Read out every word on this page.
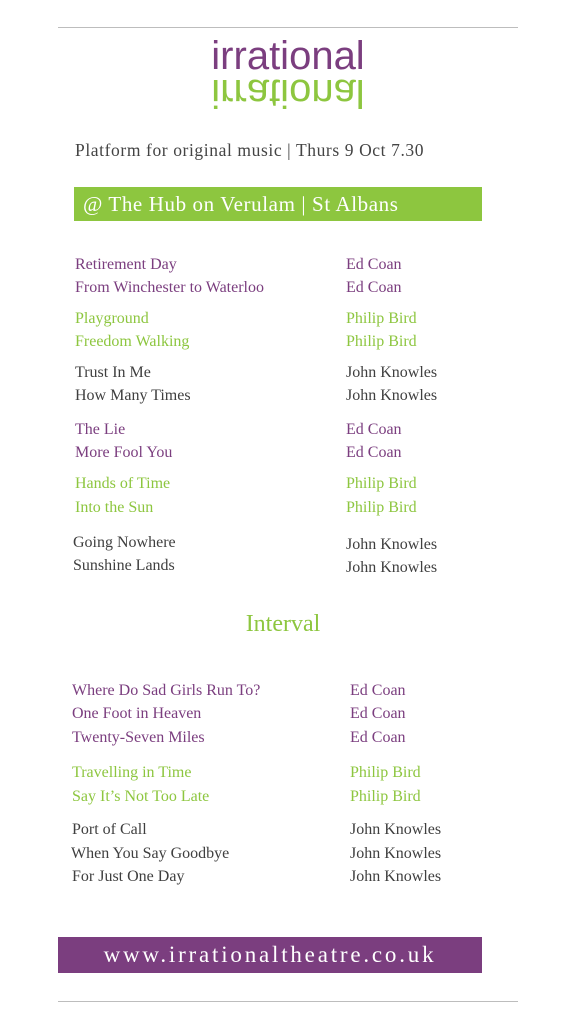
irrational
irrational
Platform for original music | Thurs 9 Oct 7.30
@ The Hub on Verulam | St Albans
Retirement Day	Ed Coan
From Winchester to Waterloo	Ed Coan
Playground	Philip Bird
Freedom Walking	Philip Bird
Trust In Me	John Knowles
How Many Times	John Knowles
The Lie	Ed Coan
More Fool You	Ed Coan
Hands of Time	Philip Bird
Into the Sun	Philip Bird
Going Nowhere	John Knowles
Sunshine Lands	John Knowles
Interval
Where Do Sad Girls Run To?	Ed Coan
One Foot in Heaven	Ed Coan
Twenty-Seven Miles	Ed Coan
Travelling in Time	Philip Bird
Say It’s Not Too Late	Philip Bird
Port of Call	John Knowles
When You Say Goodbye	John Knowles
For Just One Day	John Knowles
www.irrationaltheatre.co.uk
